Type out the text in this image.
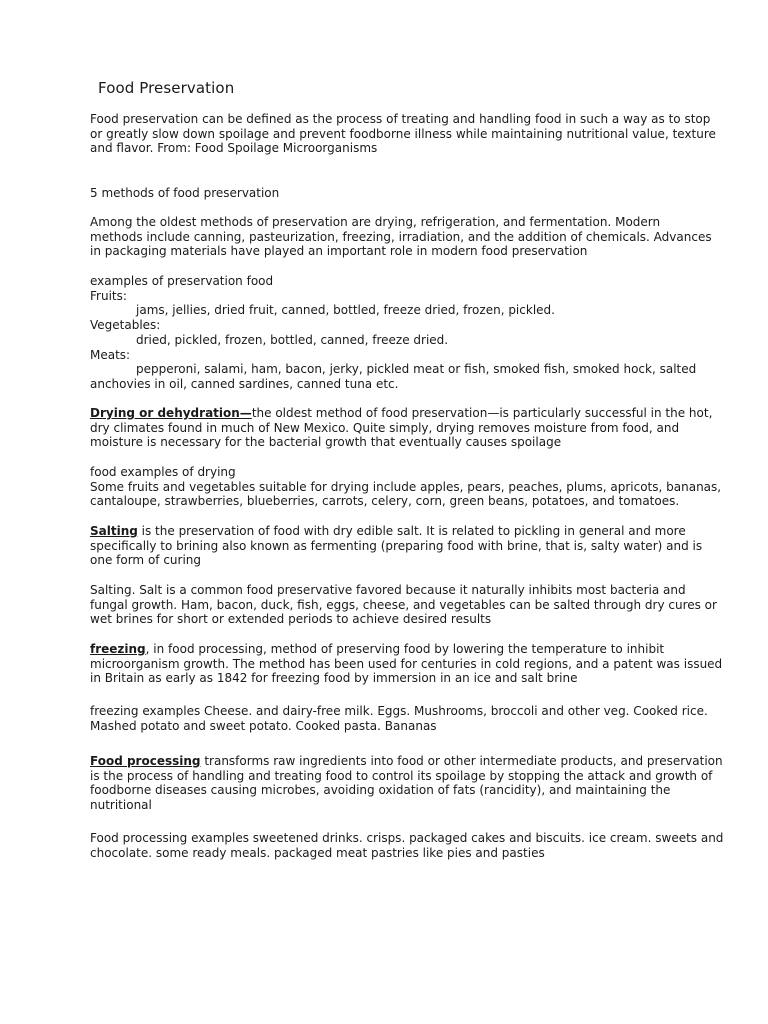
Food Preservation
Food preservation can be defined as the process of treating and handling food in such a way as to stop
or greatly slow down spoilage and prevent foodborne illness while maintaining nutritional value, texture
and flavor. From: Food Spoilage Microorganisms
5 methods of food preservation
Among the oldest methods of preservation are drying, refrigeration, and fermentation. Modern
methods include canning, pasteurization, freezing, irradiation, and the addition of chemicals. Advances
in packaging materials have played an important role in modern food preservation
examples of preservation food
Fruits:
jams, jellies, dried fruit, canned, bottled, freeze dried, frozen, pickled.
Vegetables:
dried, pickled, frozen, bottled, canned, freeze dried.
Meats:
pepperoni, salami, ham, bacon, jerky, pickled meat or fish, smoked fish, smoked hock, salted
anchovies in oil, canned sardines, canned tuna etc.
Drying or dehydration—the oldest method of food preservation—is particularly successful in the hot,
dry climates found in much of New Mexico. Quite simply, drying removes moisture from food, and
moisture is necessary for the bacterial growth that eventually causes spoilage
food examples of drying
Some fruits and vegetables suitable for drying include apples, pears, peaches, plums, apricots, bananas,
cantaloupe, strawberries, blueberries, carrots, celery, corn, green beans, potatoes, and tomatoes.
Salting is the preservation of food with dry edible salt. It is related to pickling in general and more
specifically to brining also known as fermenting (preparing food with brine, that is, salty water) and is
one form of curing
Salting. Salt is a common food preservative favored because it naturally inhibits most bacteria and
fungal growth. Ham, bacon, duck, fish, eggs, cheese, and vegetables can be salted through dry cures or
wet brines for short or extended periods to achieve desired results
freezing, in food processing, method of preserving food by lowering the temperature to inhibit
microorganism growth. The method has been used for centuries in cold regions, and a patent was issued
in Britain as early as 1842 for freezing food by immersion in an ice and salt brine
freezing examples Cheese. and dairy-free milk. Eggs. Mushrooms, broccoli and other veg. Cooked rice.
Mashed potato and sweet potato. Cooked pasta. Bananas
Food processing transforms raw ingredients into food or other intermediate products, and preservation
is the process of handling and treating food to control its spoilage by stopping the attack and growth of
foodborne diseases causing microbes, avoiding oxidation of fats (rancidity), and maintaining the
nutritional
Food processing examples sweetened drinks. crisps. packaged cakes and biscuits. ice cream. sweets and
chocolate. some ready meals. packaged meat pastries like pies and pasties
